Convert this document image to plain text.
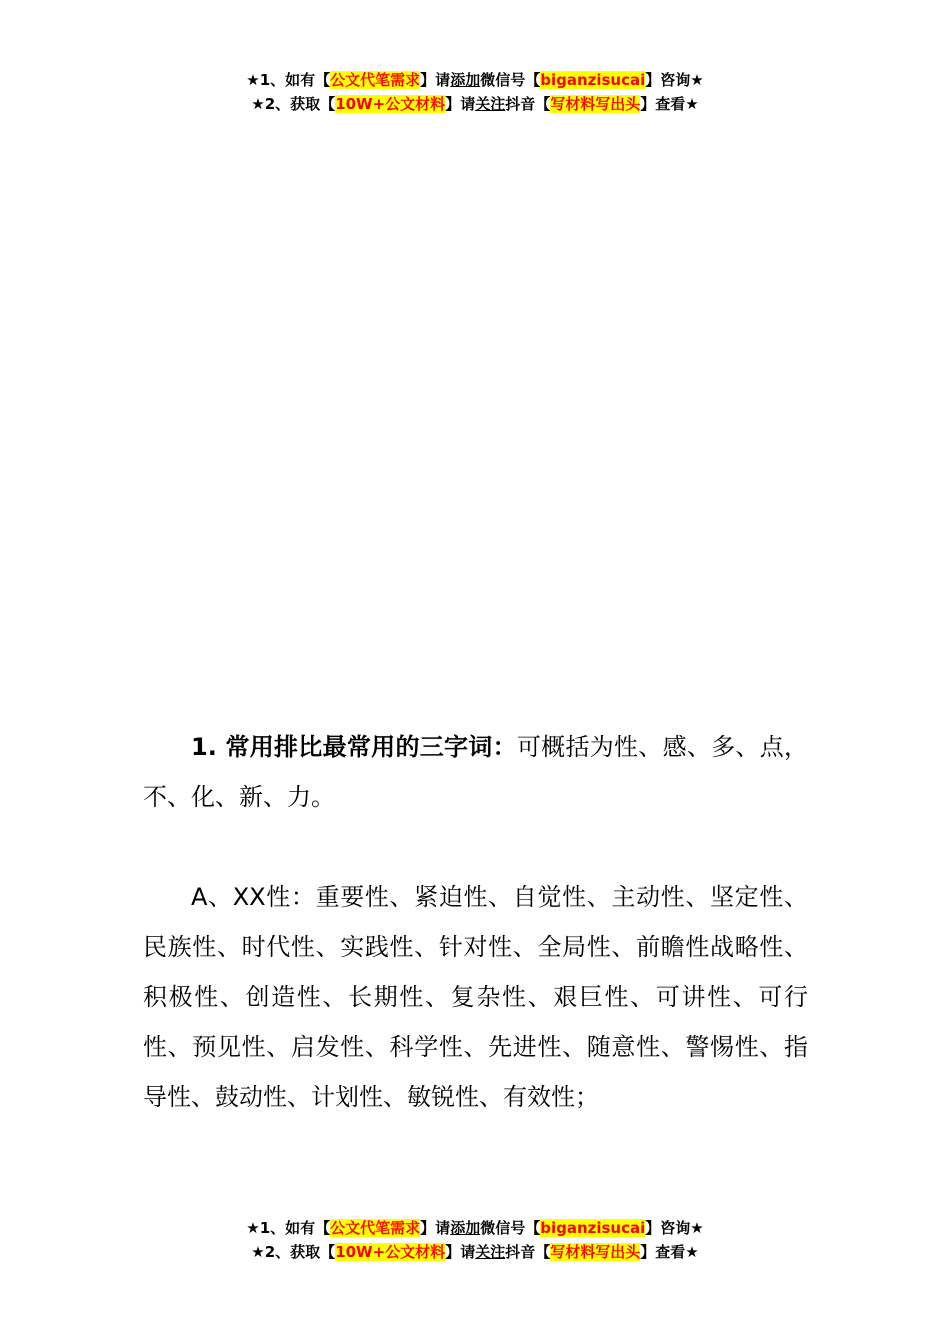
★1、如有【公文代笔需求】请添加微信号【biganzisucai】咨询★
★2、获取【10W+公文材料】请关注抖音【写材料写出头】查看★

1. 常用排比最常用的三字词：可概括为性、感、多、点，不、化、新、力。

A、XX性：重要性、紧迫性、自觉性、主动性、坚定性、民族性、时代性、实践性、针对性、全局性、前瞻性战略性、积极性、创造性、长期性、复杂性、艰巨性、可讲性、可行性、预见性、启发性、科学性、先进性、随意性、警惕性、指导性、鼓动性、计划性、敏锐性、有效性；

★1、如有【公文代笔需求】请添加微信号【biganzisucai】咨询★
★2、获取【10W+公文材料】请关注抖音【写材料写出头】查看★
